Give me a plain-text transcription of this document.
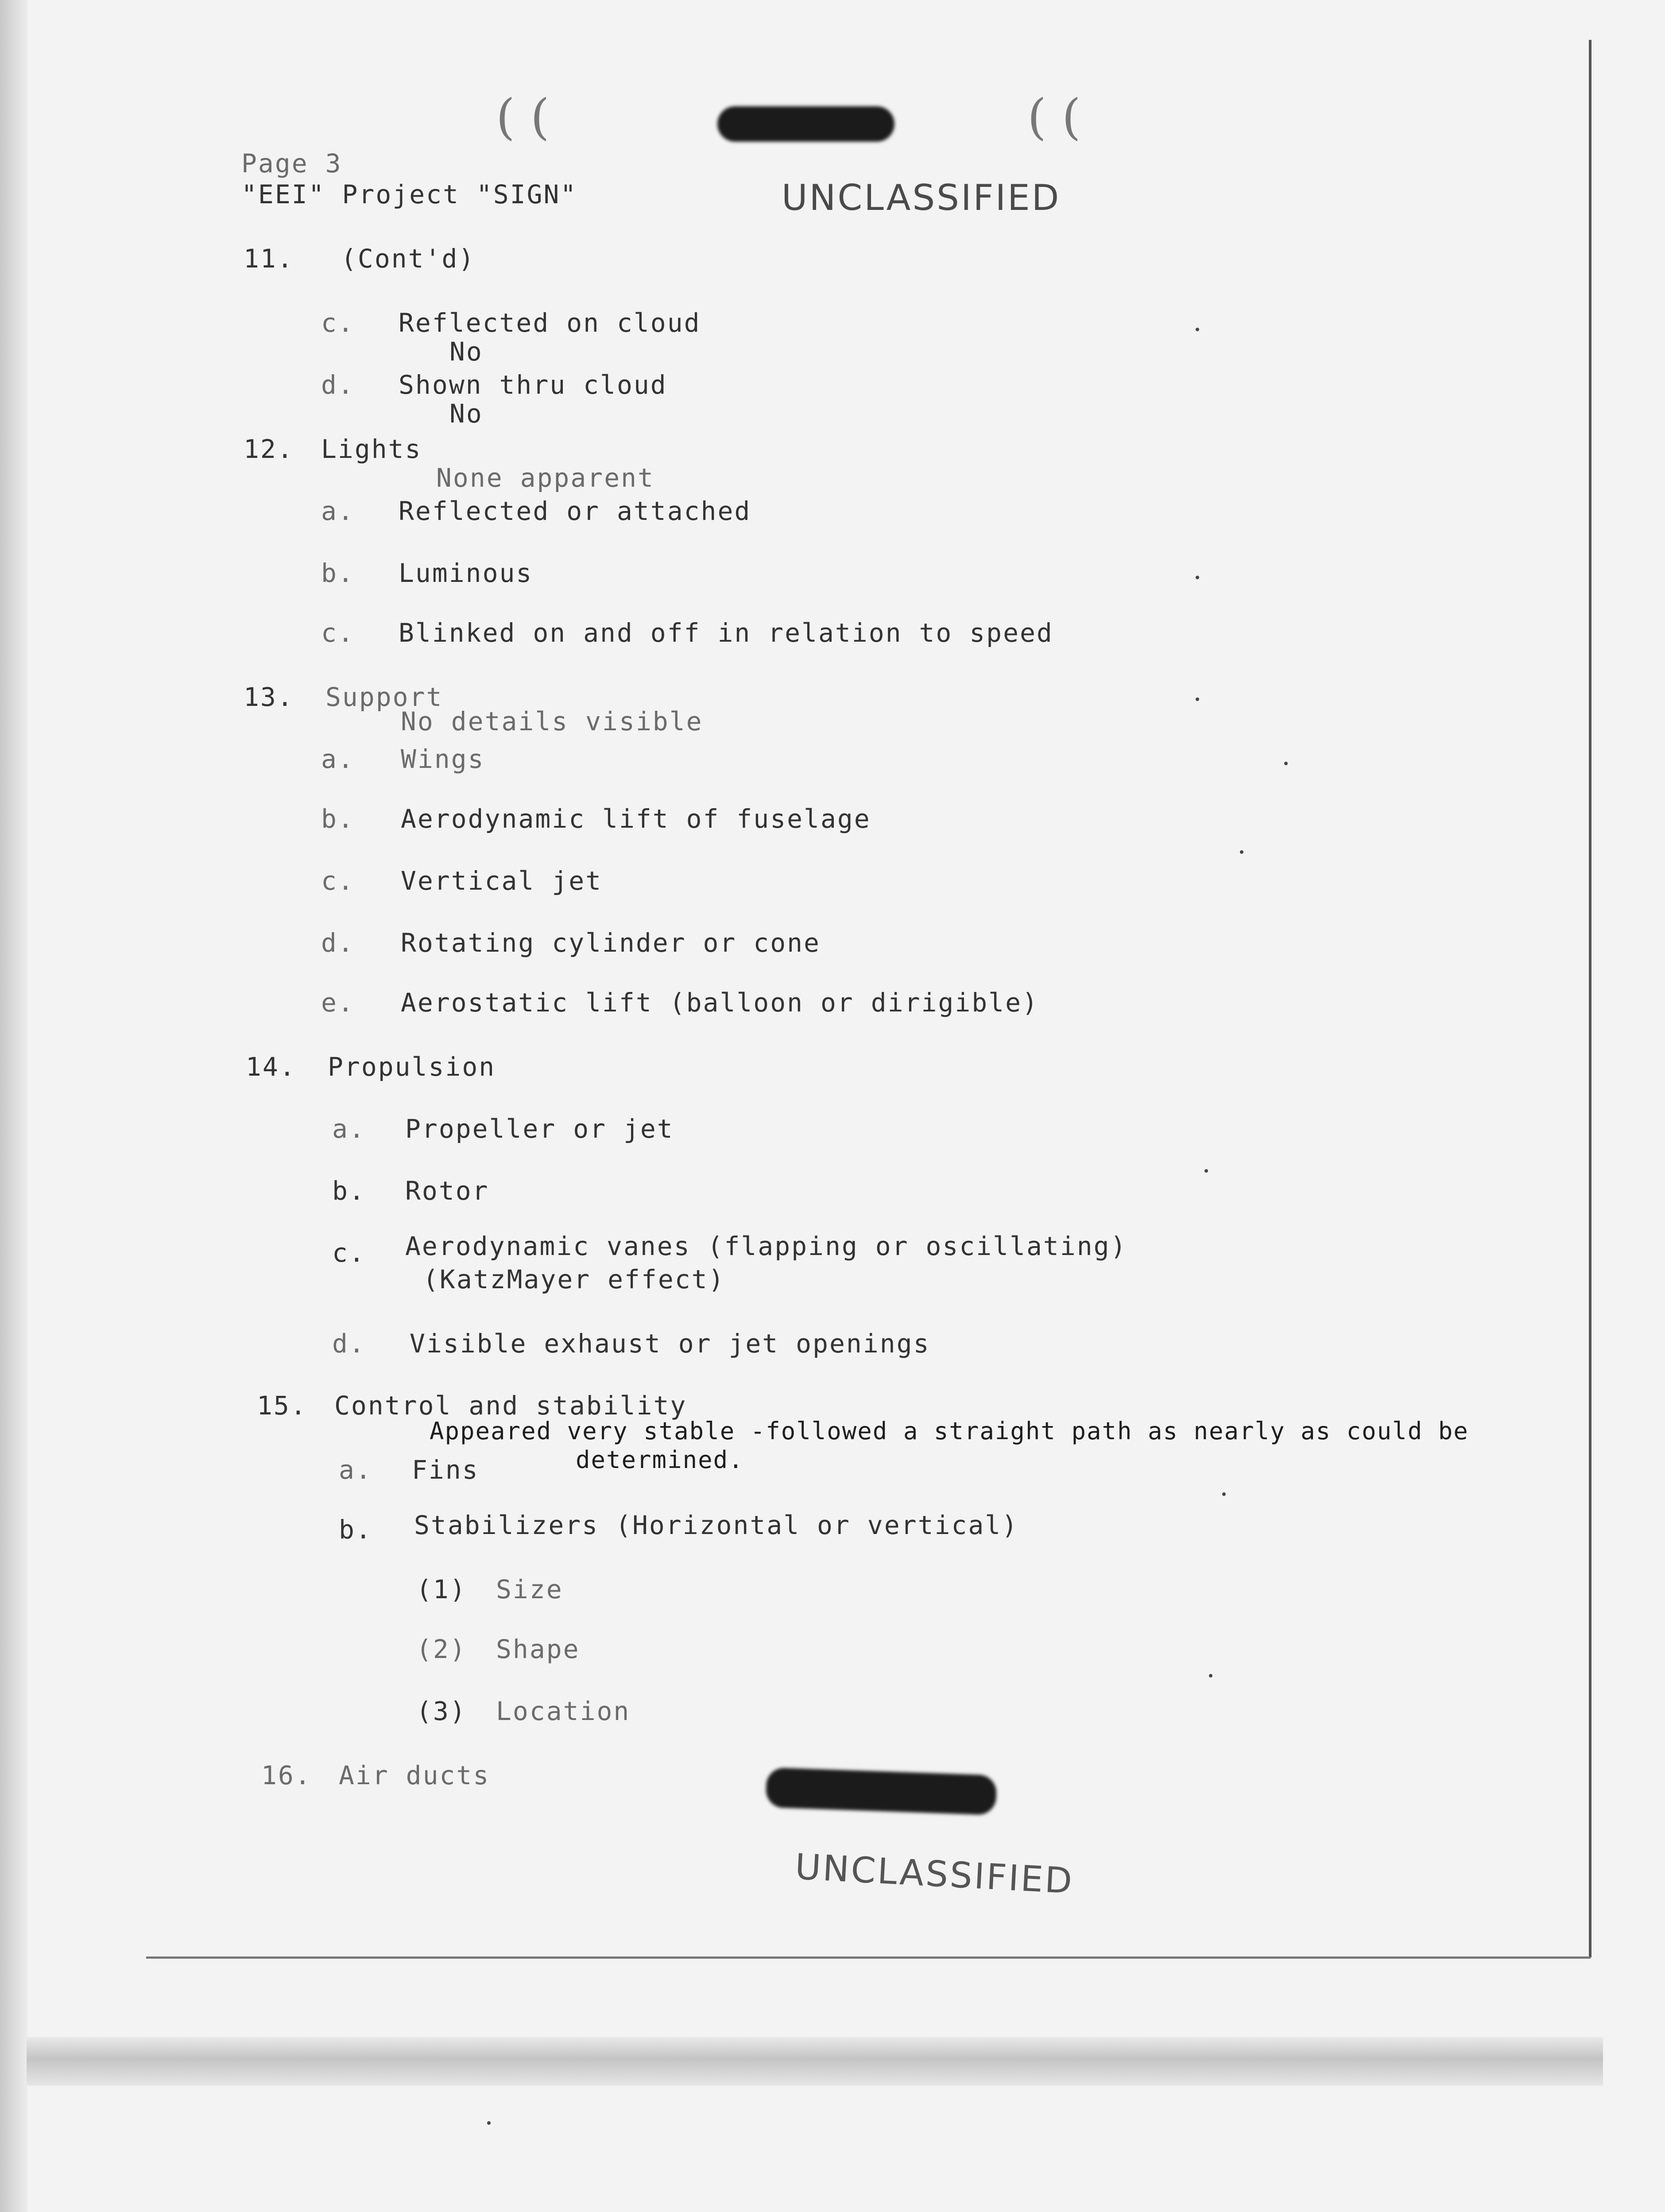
( (	( (
Page 3
"EEI" Project "SIGN"	UNCLASSIFIED
11. (Cont'd)
c. Reflected on cloud
No
d. Shown thru cloud
No
12. Lights
None apparent
a. Reflected or attached
b. Luminous
c. Blinked on and off in relation to speed
13. Support
No details visible
a. Wings
b. Aerodynamic lift of fuselage
c. Vertical jet
d. Rotating cylinder or cone
e. Aerostatic lift (balloon or dirigible)
14. Propulsion
a. Propeller or jet
b. Rotor
c. Aerodynamic vanes (flapping or oscillating)
(KatzMayer effect)
d. Visible exhaust or jet openings
15. Control and stability
Appeared very stable -followed a straight path as nearly as could be
a. Fins	determined.
b. Stabilizers (Horizontal or vertical)
(1) Size
(2) Shape
(3) Location
16. Air ducts
UNCLASSIFIED
